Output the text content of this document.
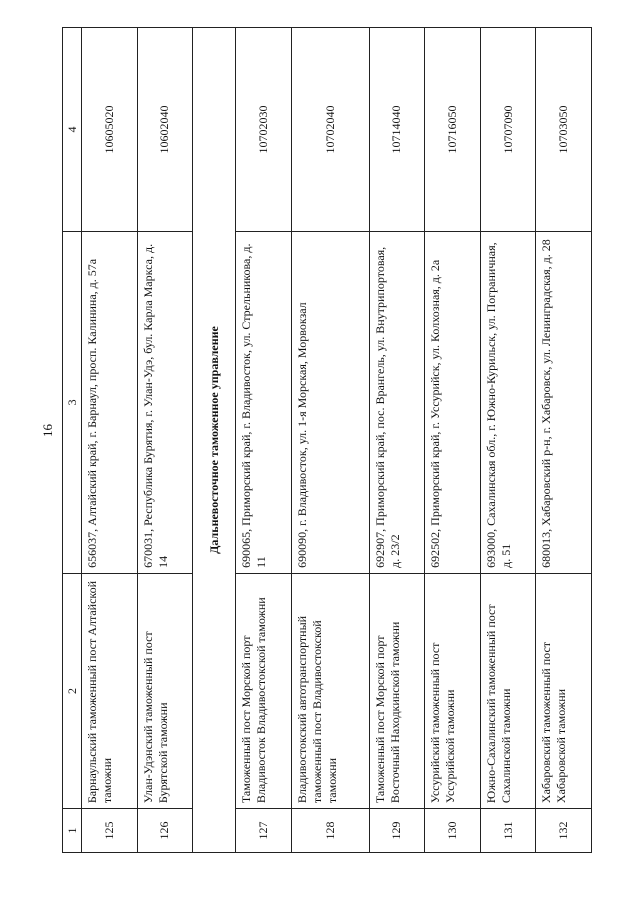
16
1	2	3	4
125	Барнаульский таможенный пост Алтайской таможни	656037, Алтайский край, г. Барнаул, просп. Калинина, д. 57а	10605020
126	Улан-Удэнский таможенный пост Бурятской таможни	670031, Республика Бурятия, г. Улан-Удэ, бул. Карла Маркса, д. 14	10602040
Дальневосточное таможенное управление			
127	Таможенный пост Морской порт Владивосток Владивостокской таможни	690065, Приморский край, г. Владивосток, ул. Стрельникова, д. 11	10702030
128	Владивостокский автотранспортный таможенный пост Владивостокской таможни	690090, г. Владивосток, ул. 1-я Морская, Морвокзал	10702040
129	Таможенный пост Морской порт Восточный Находкинской таможни	692907, Приморский край, пос. Врангель, ул. Внутрипортовая, д. 23/2	10714040
130	Уссурийский таможенный пост Уссурийской таможни	692502, Приморский край, г. Уссурийск, ул. Колхозная, д. 2а	10716050
131	Южно-Сахалинский таможенный пост Сахалинской таможни	693000, Сахалинская обл., г. Южно-Курильск, ул. Пограничная, д. 51	10707090
132	Хабаровский таможенный пост Хабаровской таможни	680013, Хабаровский р-н, г. Хабаровск, ул. Ленинградская, д. 28	10703050
